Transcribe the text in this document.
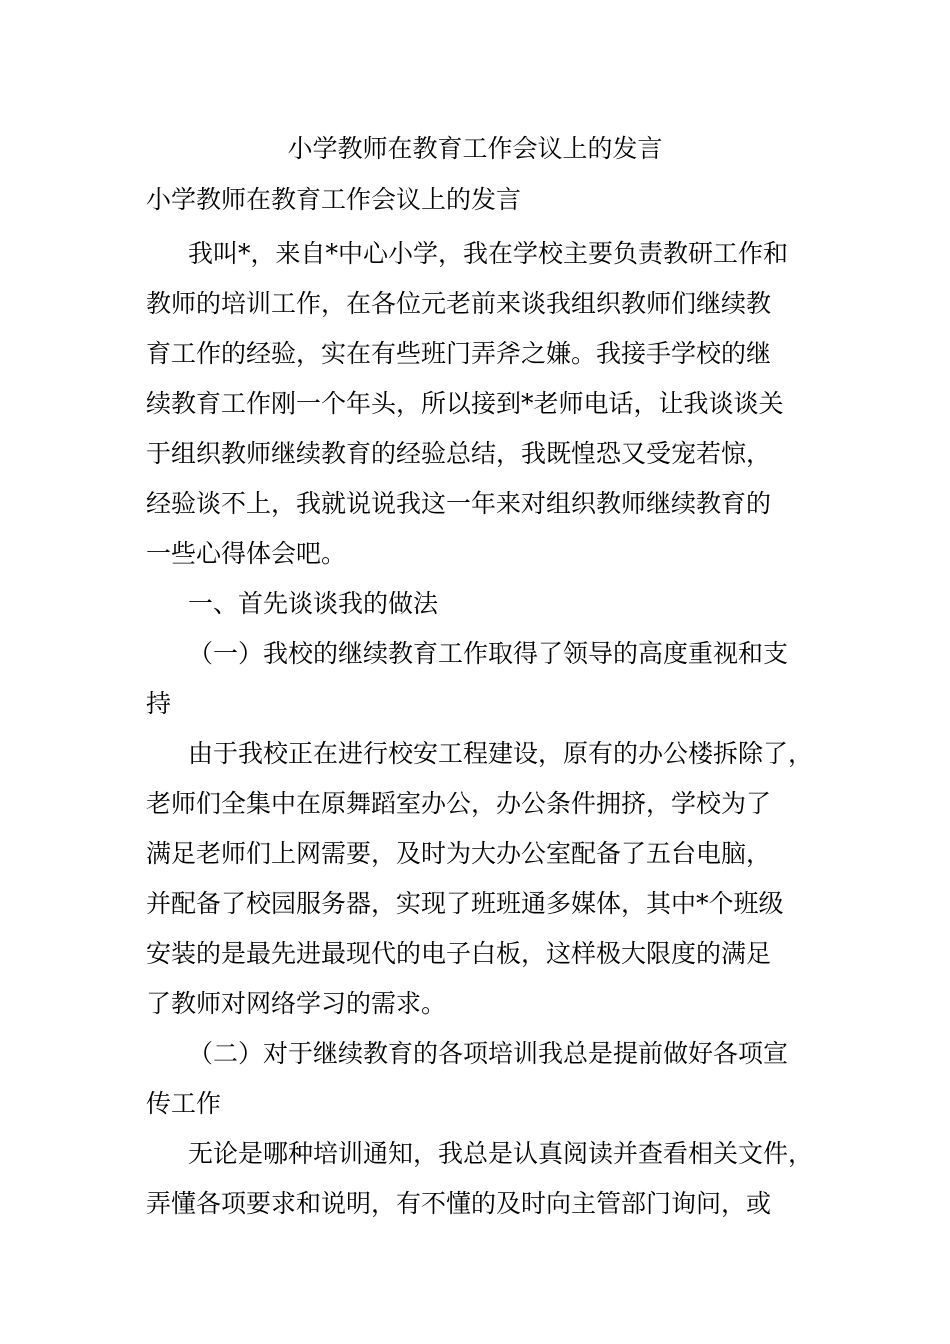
小学教师在教育工作会议上的发言

小学教师在教育工作会议上的发言

我叫*，来自*中心小学，我在学校主要负责教研工作和

教师的培训工作，在各位元老前来谈我组织教师们继续教

育工作的经验，实在有些班门弄斧之嫌。我接手学校的继

续教育工作刚一个年头，所以接到*老师电话，让我谈谈关

于组织教师继续教育的经验总结，我既惶恐又受宠若惊，

经验谈不上，我就说说我这一年来对组织教师继续教育的

一些心得体会吧。

一、首先谈谈我的做法

（一）我校的继续教育工作取得了领导的高度重视和支

持

由于我校正在进行校安工程建设，原有的办公楼拆除了，

老师们全集中在原舞蹈室办公，办公条件拥挤，学校为了

满足老师们上网需要，及时为大办公室配备了五台电脑，

并配备了校园服务器，实现了班班通多媒体，其中*个班级

安装的是最先进最现代的电子白板，这样极大限度的满足

了教师对网络学习的需求。

（二）对于继续教育的各项培训我总是提前做好各项宣

传工作

无论是哪种培训通知，我总是认真阅读并查看相关文件，

弄懂各项要求和说明，有不懂的及时向主管部门询问，或
